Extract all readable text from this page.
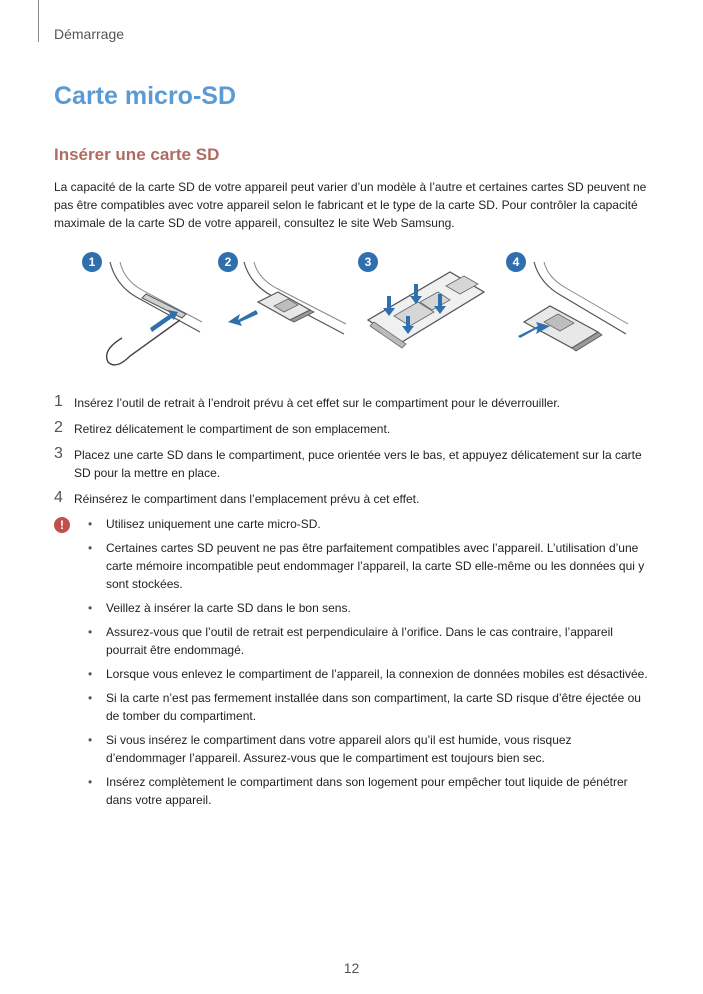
Démarrage
Carte micro-SD
Insérer une carte SD

La capacité de la carte SD de votre appareil peut varier d’un modèle à l’autre et certaines cartes SD peuvent ne pas être compatibles avec votre appareil selon le fabricant et le type de la carte SD. Pour contrôler la capacité maximale de la carte SD de votre appareil, consultez le site Web Samsung.

1	2	3	4
1 Insérez l’outil de retrait à l’endroit prévu à cet effet sur le compartiment pour le déverrouiller.
2 Retirez délicatement le compartiment de son emplacement.
3 Placez une carte SD dans le compartiment, puce orientée vers le bas, et appuyez délicatement sur la carte SD pour la mettre en place.
4 Réinsérez le compartiment dans l’emplacement prévu à cet effet.
!	• Utilisez uniquement une carte micro-SD.
• Certaines cartes SD peuvent ne pas être parfaitement compatibles avec l’appareil. L’utilisation d’une carte mémoire incompatible peut endommager l’appareil, la carte SD elle-même ou les données qui y sont stockées.
• Veillez à insérer la carte SD dans le bon sens.
• Assurez-vous que l’outil de retrait est perpendiculaire à l’orifice. Dans le cas contraire, l’appareil pourrait être endommagé.
• Lorsque vous enlevez le compartiment de l’appareil, la connexion de données mobiles est désactivée.
• Si la carte n’est pas fermement installée dans son compartiment, la carte SD risque d’être éjectée ou de tomber du compartiment.
• Si vous insérez le compartiment dans votre appareil alors qu’il est humide, vous risquez d’endommager l’appareil. Assurez-vous que le compartiment est toujours bien sec.
• Insérez complètement le compartiment dans son logement pour empêcher tout liquide de pénétrer dans votre appareil.
12
